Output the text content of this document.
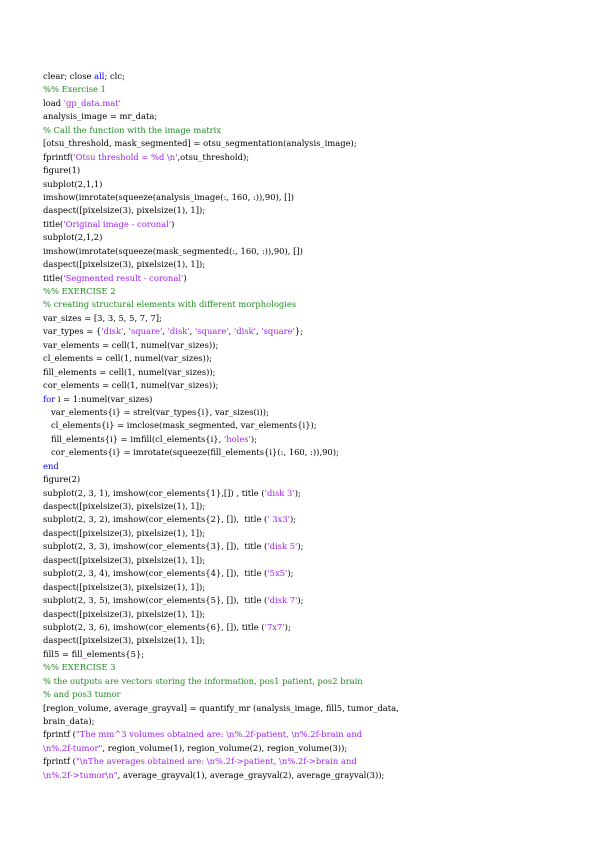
clear; close all; clc;
%% Exercise 1
load 'gp_data.mat'
analysis_image = mr_data;
% Call the function with the image matrix
[otsu_threshold, mask_segmented] = otsu_segmentation(analysis_image);
fprintf('Otsu threshold = %d \n',otsu_threshold);
figure(1)
subplot(2,1,1)
imshow(imrotate(squeeze(analysis_image(:, 160, :)),90), [])
daspect([pixelsize(3), pixelsize(1), 1]);
title('Original image - coronal')
subplot(2,1,2)
imshow(imrotate(squeeze(mask_segmented(:, 160, :)),90), [])
daspect([pixelsize(3), pixelsize(1), 1]);
title('Segmented result - coronal')
%% EXERCISE 2
% creating structural elements with different morphologies
var_sizes = [3, 3, 5, 5, 7, 7];
var_types = {'disk', 'square', 'disk', 'square', 'disk', 'square'};
var_elements = cell(1, numel(var_sizes));
cl_elements = cell(1, numel(var_sizes));
fill_elements = cell(1, numel(var_sizes));
cor_elements = cell(1, numel(var_sizes));
for i = 1:numel(var_sizes)
var_elements{i} = strel(var_types{i}, var_sizes(i));
cl_elements{i} = imclose(mask_segmented, var_elements{i});
fill_elements{i} = imfill(cl_elements{i}, 'holes');
cor_elements{i} = imrotate(squeeze(fill_elements{i}(:, 160, :)),90);
end
figure(2)
subplot(2, 3, 1), imshow(cor_elements{1},[]) , title ('disk 3');
daspect([pixelsize(3), pixelsize(1), 1]);
subplot(2, 3, 2), imshow(cor_elements{2}, []),  title (' 3x3');
daspect([pixelsize(3), pixelsize(1), 1]);
subplot(2, 3, 3), imshow(cor_elements{3}, []),  title ('disk 5');
daspect([pixelsize(3), pixelsize(1), 1]);
subplot(2, 3, 4), imshow(cor_elements{4}, []),  title ('5x5');
daspect([pixelsize(3), pixelsize(1), 1]);
subplot(2, 3, 5), imshow(cor_elements{5}, []),  title ('disk 7');
daspect([pixelsize(3), pixelsize(1), 1]);
subplot(2, 3, 6), imshow(cor_elements{6}, []), title ('7x7');
daspect([pixelsize(3), pixelsize(1), 1]);
fill5 = fill_elements{5};
%% EXERCISE 3
% the outputs are vectors storing the information, pos1 patient, pos2 brain
% and pos3 tumor
[region_volume, average_grayval] = quantify_mr (analysis_image, fill5, tumor_data,
brain_data);
fprintf ("The mm^3 volumes obtained are: \n%.2f-patient, \n%.2f-brain and
\n%.2f-tumor", region_volume(1), region_volume(2), region_volume(3));
fprintf ("\nThe averages obtained are: \n%.2f->patient, \n%.2f->brain and
\n%.2f->tumor\n", average_grayval(1), average_grayval(2), average_grayval(3));
